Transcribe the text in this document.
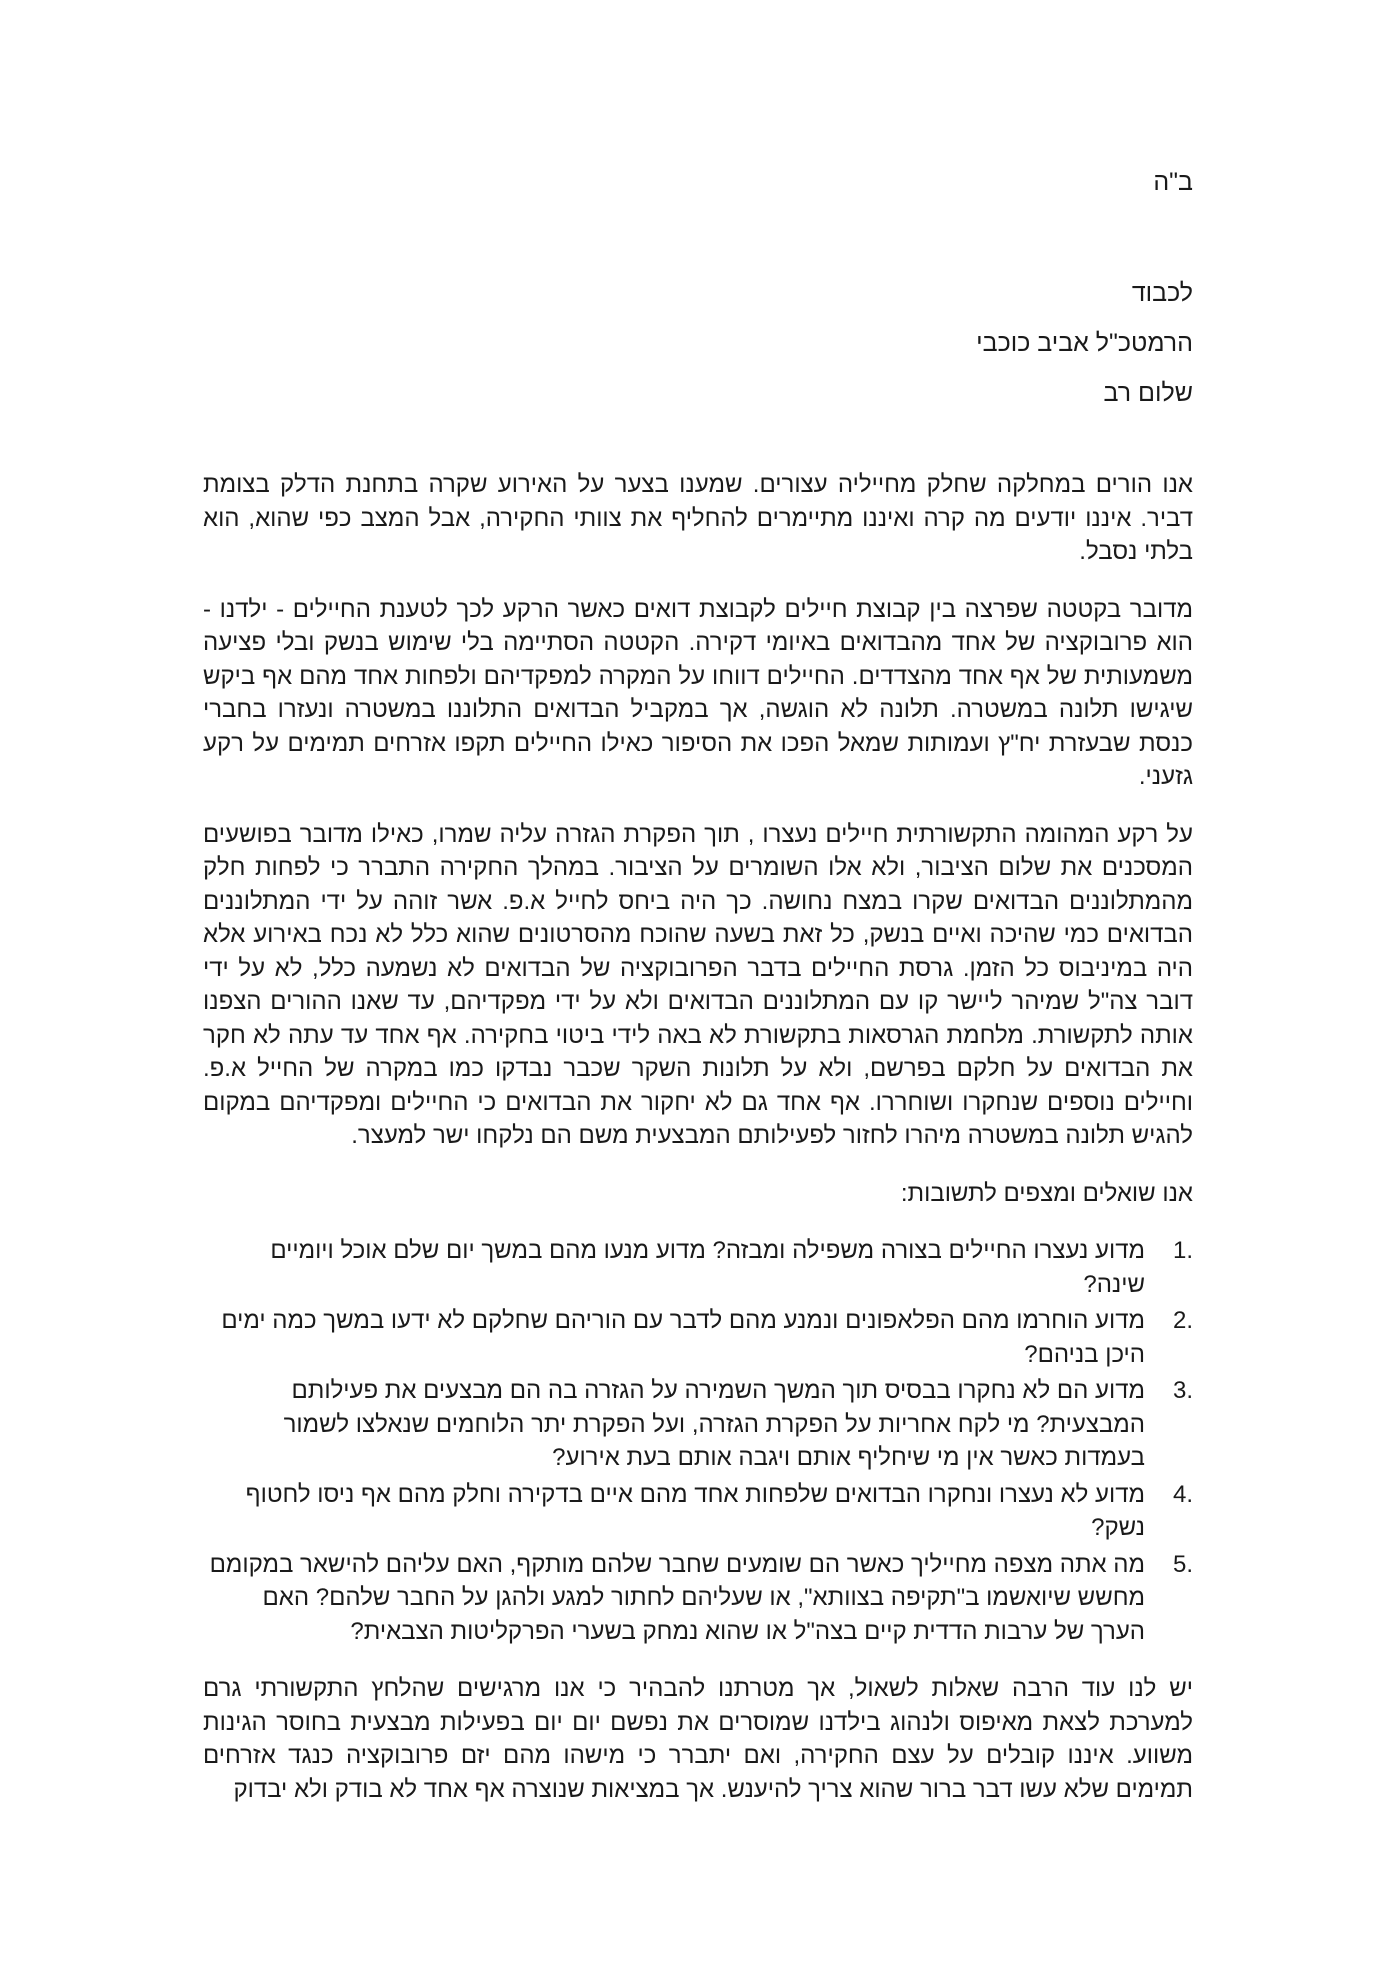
ב"ה
לכבוד
הרמטכ"ל אביב כוכבי
שלום רב

אנו הורים במחלקה שחלק מחייליה עצורים. שמענו בצער על האירוע שקרה בתחנת הדלק בצומת דביר. איננו יודעים מה קרה ואיננו מתיימרים להחליף את צוותי החקירה, אבל המצב כפי שהוא, הוא בלתי נסבל.

מדובר בקטטה שפרצה בין קבוצת חיילים לקבוצת דואים כאשר הרקע לכך לטענת החיילים - ילדנו - הוא פרובוקציה של אחד מהבדואים באיומי דקירה. הקטטה הסתיימה בלי שימוש בנשק ובלי פציעה משמעותית של אף אחד מהצדדים. החיילים דווחו על המקרה למפקדיהם ולפחות אחד מהם אף ביקש שיגישו תלונה במשטרה. תלונה לא הוגשה, אך במקביל הבדואים התלוננו במשטרה ונעזרו בחברי כנסת שבעזרת יח"ץ ועמותות שמאל הפכו את הסיפור כאילו החיילים תקפו אזרחים תמימים על רקע גזעני.

על רקע המהומה התקשורתית חיילים נעצרו , תוך הפקרת הגזרה עליה שמרו, כאילו מדובר בפושעים המסכנים את שלום הציבור, ולא אלו השומרים על הציבור. במהלך החקירה התברר כי לפחות חלק מהמתלוננים הבדואים שקרו במצח נחושה. כך היה ביחס לחייל א.פ. אשר זוהה על ידי המתלוננים הבדואים כמי שהיכה ואיים בנשק, כל זאת בשעה שהוכח מהסרטונים שהוא כלל לא נכח באירוע אלא היה במיניבוס כל הזמן. גרסת החיילים בדבר הפרובוקציה של הבדואים לא נשמעה כלל, לא על ידי דובר צה"ל שמיהר ליישר קו עם המתלוננים הבדואים ולא על ידי מפקדיהם, עד שאנו ההורים הצפנו אותה לתקשורת. מלחמת הגרסאות בתקשורת לא באה לידי ביטוי בחקירה. אף אחד עד עתה לא חקר את הבדואים על חלקם בפרשם, ולא על תלונות השקר שכבר נבדקו כמו במקרה של החייל א.פ. וחיילים נוספים שנחקרו ושוחררו. אף אחד גם לא יחקור את הבדואים כי החיילים ומפקדיהם במקום להגיש תלונה במשטרה מיהרו לחזור לפעילותם המבצעית משם הם נלקחו ישר למעצר.

אנו שואלים ומצפים לתשובות:

1.
מדוע נעצרו החיילים בצורה משפילה ומבזה? מדוע מנעו מהם במשך יום שלם אוכל ויומיים שינה?
2.
מדוע הוחרמו מהם הפלאפונים ונמנע מהם לדבר עם הוריהם שחלקם לא ידעו במשך כמה ימים היכן בניהם?
3.
מדוע הם לא נחקרו בבסיס תוך המשך השמירה על הגזרה בה הם מבצעים את פעילותם המבצעית? מי לקח אחריות על הפקרת הגזרה, ועל הפקרת יתר הלוחמים שנאלצו לשמור בעמדות כאשר אין מי שיחליף אותם ויגבה אותם בעת אירוע?
4.
מדוע לא נעצרו ונחקרו הבדואים שלפחות אחד מהם איים בדקירה וחלק מהם אף ניסו לחטוף נשק?
5.
מה אתה מצפה מחייליך כאשר הם שומעים שחבר שלהם מותקף, האם עליהם להישאר במקומם מחשש שיואשמו ב"תקיפה בצוותא", או שעליהם לחתור למגע ולהגן על החבר שלהם? האם הערך של ערבות הדדית קיים בצה"ל או שהוא נמחק בשערי הפרקליטות הצבאית?

יש לנו עוד הרבה שאלות לשאול, אך מטרתנו להבהיר כי אנו מרגישים שהלחץ התקשורתי גרם למערכת לצאת מאיפוס ולנהוג בילדנו שמוסרים את נפשם יום יום בפעילות מבצעית בחוסר הגינות משווע. איננו קובלים על עצם החקירה, ואם יתברר כי מישהו מהם יזם פרובוקציה כנגד אזרחים תמימים שלא עשו דבר ברור שהוא צריך להיענש. אך במציאות שנוצרה אף אחד לא בודק ולא יבדוק
